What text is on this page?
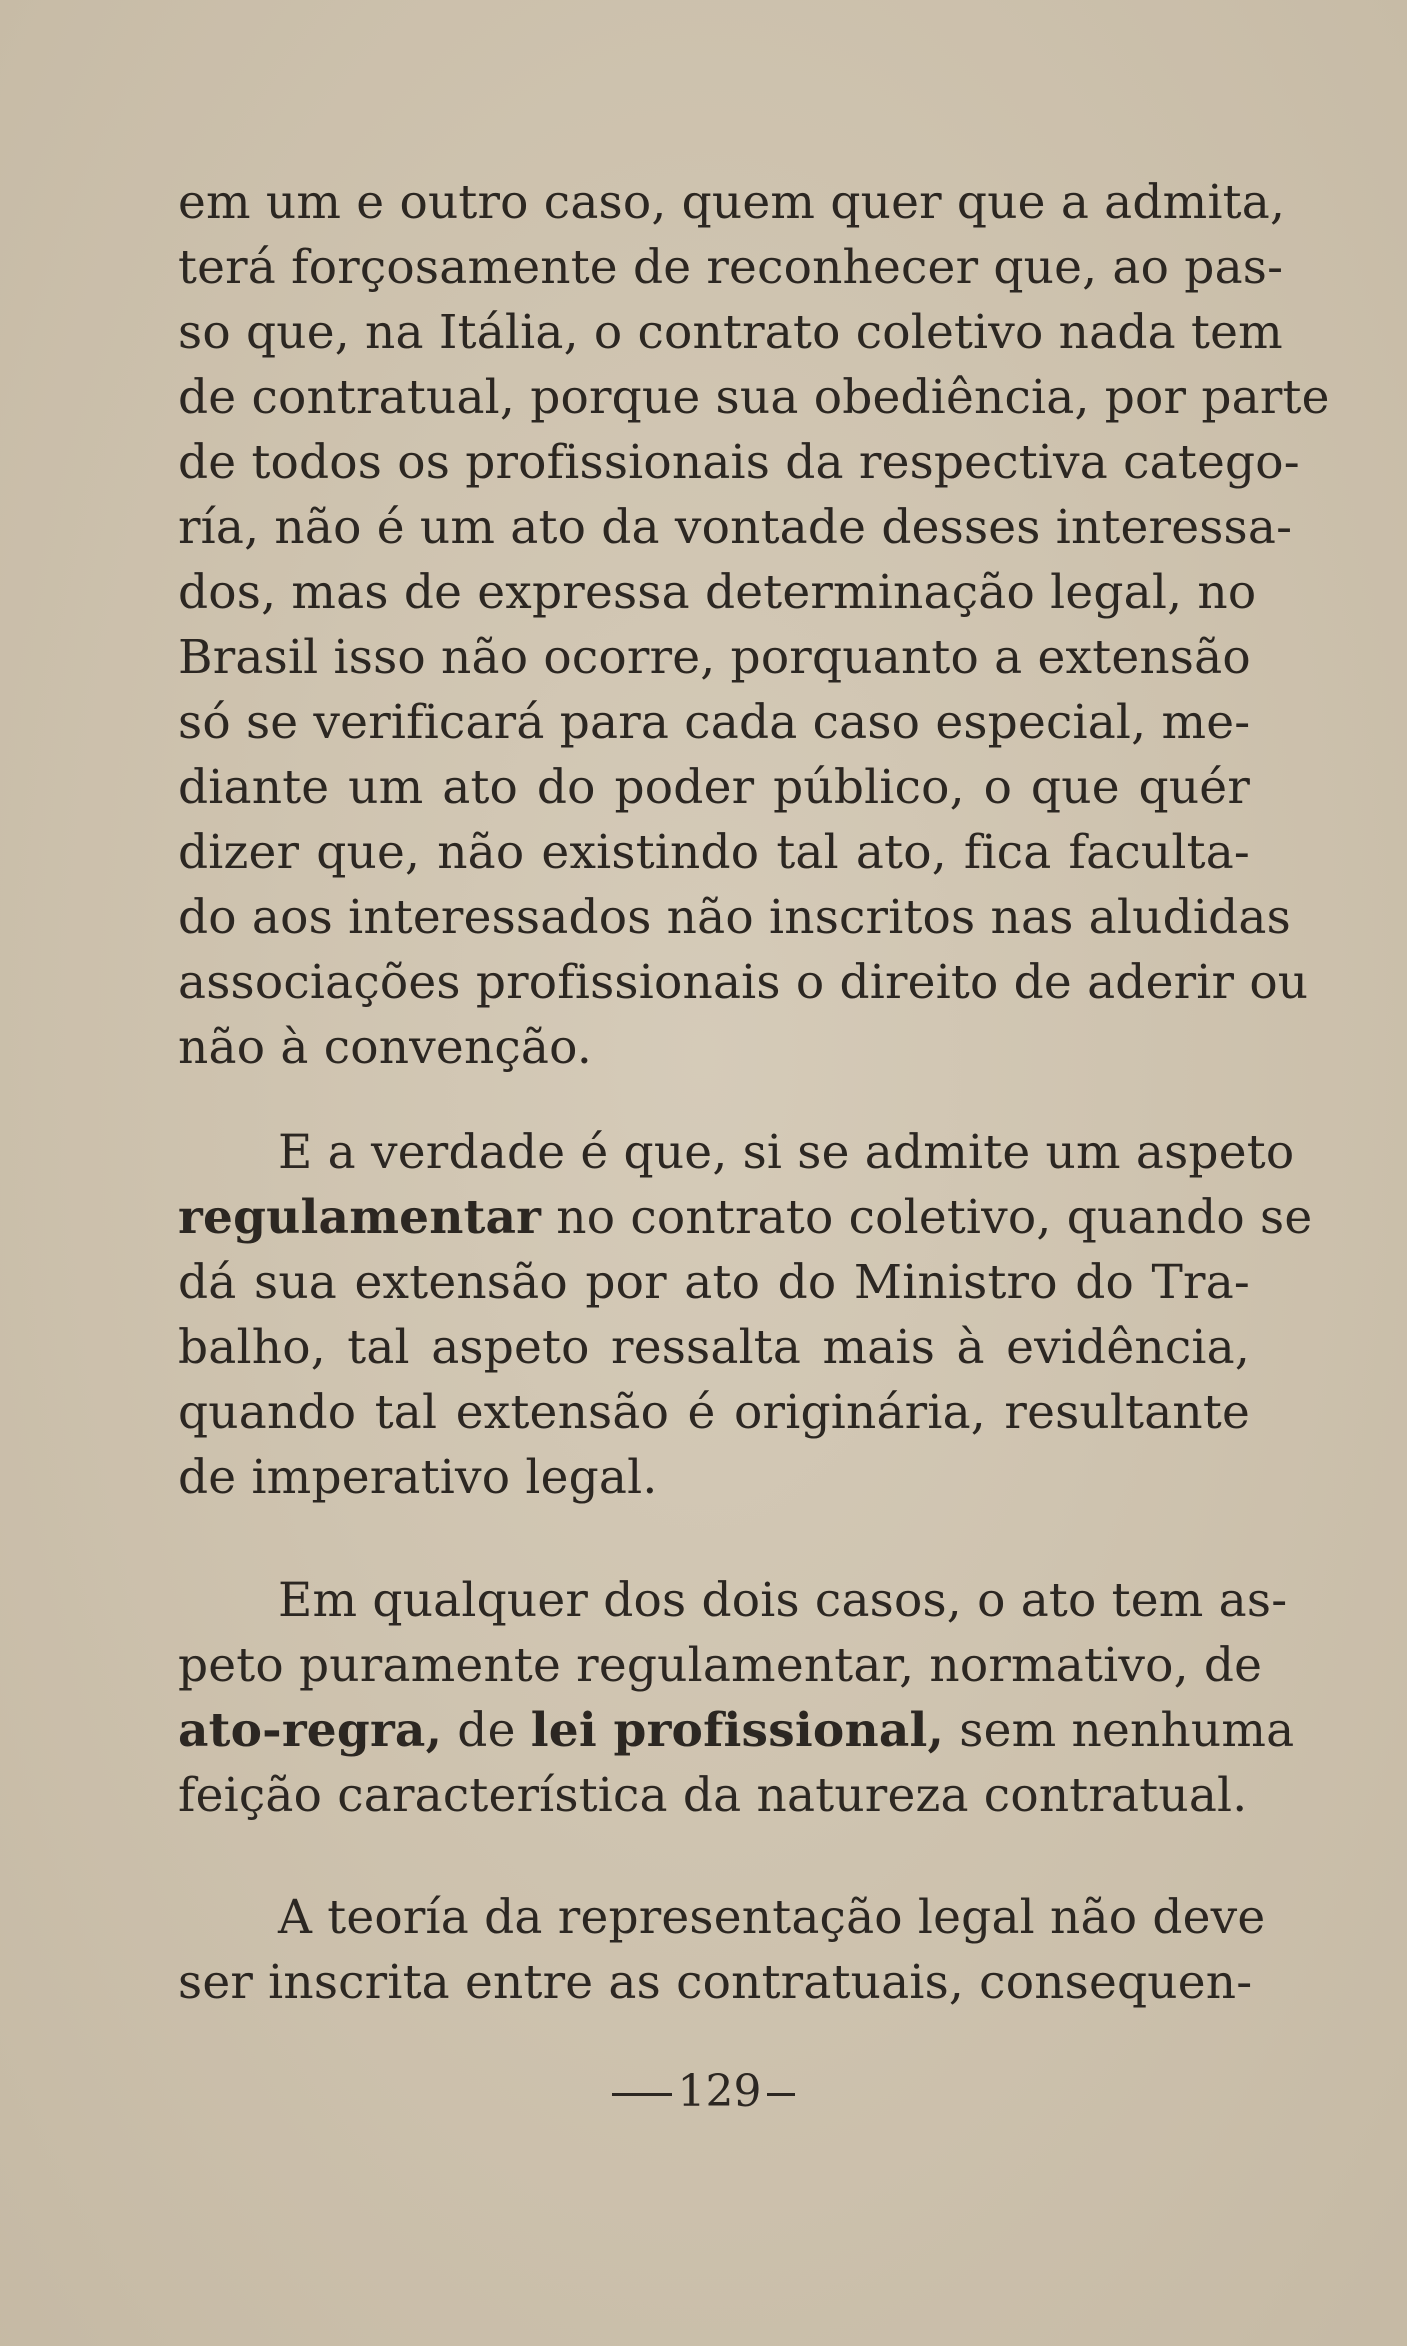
em um e outro caso, quem quer que a admita,
terá forçosamente de reconhecer que, ao pas-
so que, na Itália, o contrato coletivo nada tem
de contratual, porque sua obediência, por parte
de todos os profissionais da respectiva catego-
ría, não é um ato da vontade desses interessa-
dos, mas de expressa determinação legal, no
Brasil isso não ocorre, porquanto a extensão
só se verificará para cada caso especial, me-
diante um ato do poder público, o que quér
dizer que, não existindo tal ato, fica faculta-
do aos interessados não inscritos nas aludidas
associações profissionais o direito de aderir ou
não à convenção.
E a verdade é que, si se admite um aspeto
regulamentar no contrato coletivo, quando se
dá sua extensão por ato do Ministro do Tra-
balho, tal aspeto ressalta mais à evidência,
quando tal extensão é originária, resultante
de imperativo legal.
Em qualquer dos dois casos, o ato tem as-
peto puramente regulamentar, normativo, de
ato-regra, de lei profissional, sem nenhuma
feição característica da natureza contratual.
A teoría da representação legal não deve
ser inscrita entre as contratuais, consequen-
129
